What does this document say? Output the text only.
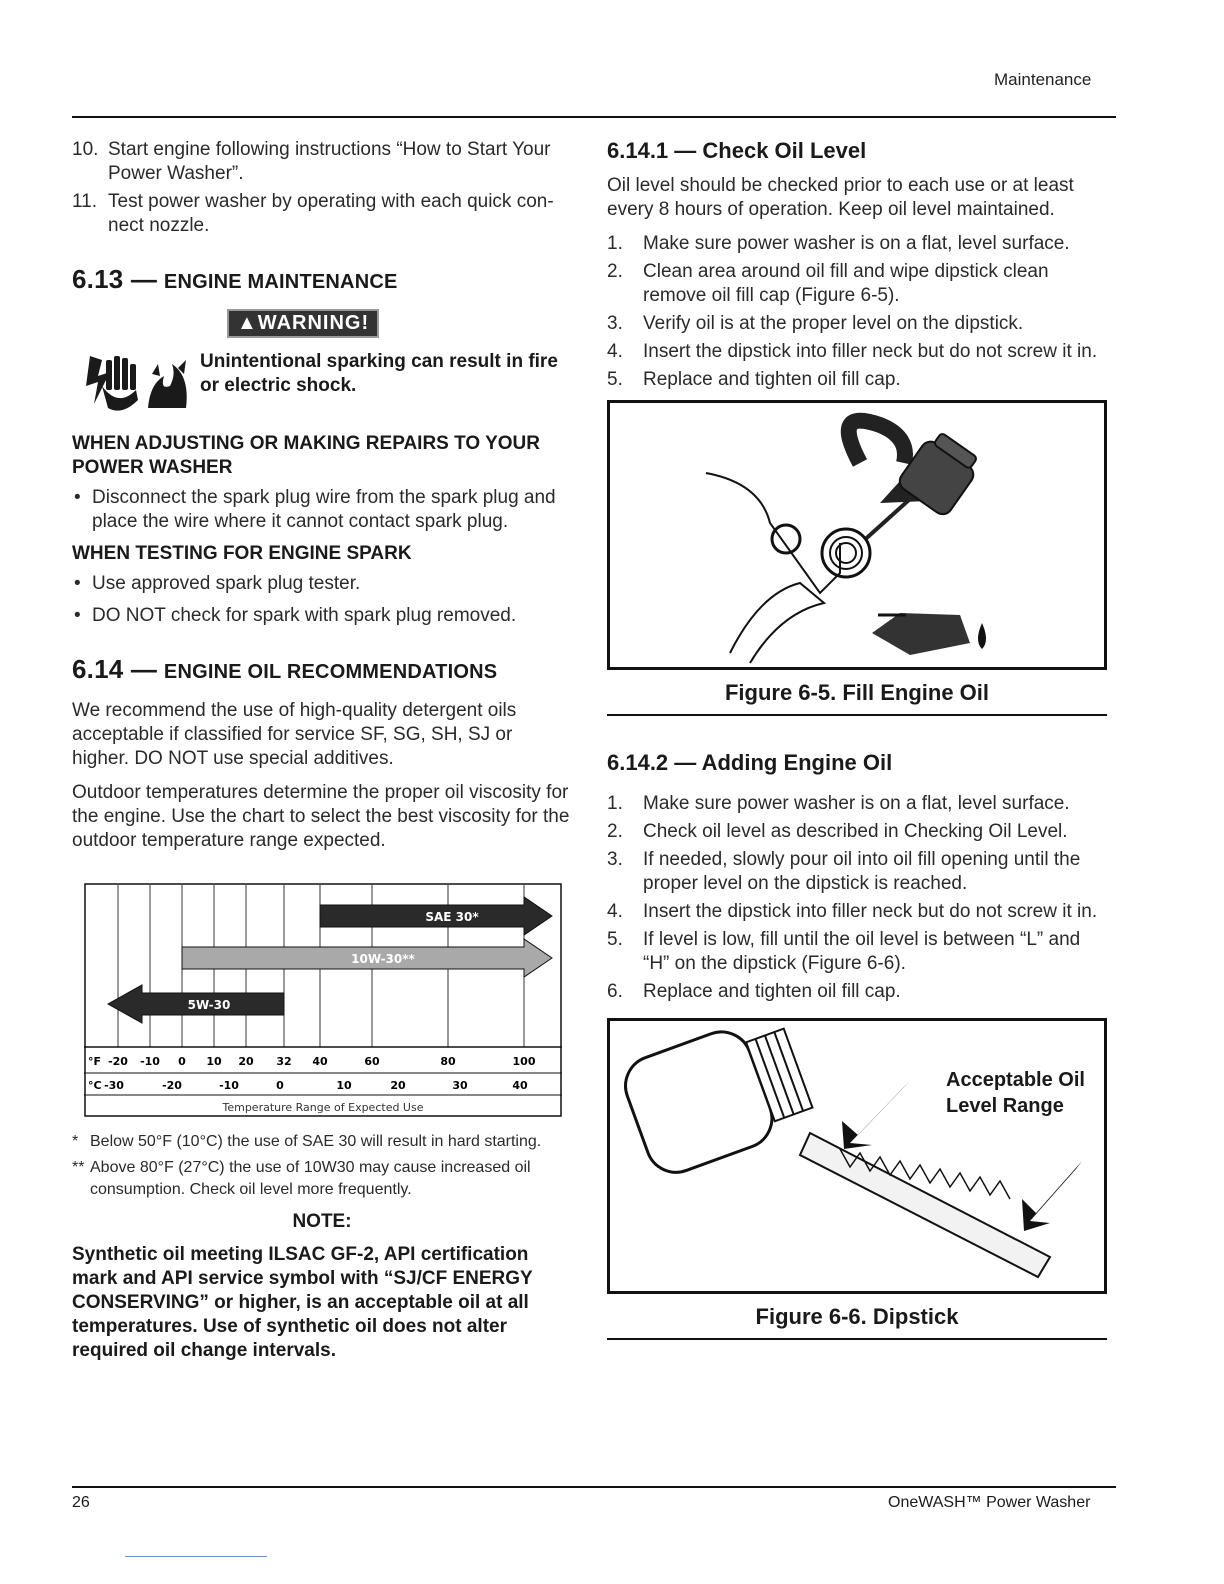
Maintenance
10. Start engine following instructions “How to Start Your Power Washer”.
11. Test power washer by operating with each quick connect nozzle.
6.13 — ENGINE MAINTENANCE
▲WARNING!
Unintentional sparking can result in fire or electric shock.
WHEN ADJUSTING OR MAKING REPAIRS TO YOUR POWER WASHER
• Disconnect the spark plug wire from the spark plug and place the wire where it cannot contact spark plug.
WHEN TESTING FOR ENGINE SPARK
• Use approved spark plug tester.
• DO NOT check for spark with spark plug removed.
6.14 — ENGINE OIL RECOMMENDATIONS

We recommend the use of high-quality detergent oils acceptable if classified for service SF, SG, SH, SJ or higher. DO NOT use special additives.

Outdoor temperatures determine the proper oil viscosity for the engine. Use the chart to select the best viscosity for the outdoor temperature range expected.

SAE 30*
10W-30**
5W-30
°F -20 -10 0 10 20 32 40	60	80	100
°C -30	-20	-10	0	10	20	30	40
Temperature Range of Expected Use
* Below 50°F (10°C) the use of SAE 30 will result in hard starting.
** Above 80°F (27°C) the use of 10W30 may cause increased oil consumption. Check oil level more frequently.
NOTE:

Synthetic oil meeting ILSAC GF-2, API certification mark and API service symbol with “SJ/CF ENERGY CONSERVING” or higher, is an acceptable oil at all temperatures. Use of synthetic oil does not alter required oil change intervals.

6.14.1 — Check Oil Level

Oil level should be checked prior to each use or at least every 8 hours of operation. Keep oil level maintained.

1. Make sure power washer is on a flat, level surface.
2. Clean area around oil fill and wipe dipstick clean remove oil fill cap (Figure 6-5).
3. Verify oil is at the proper level on the dipstick.
4. Insert the dipstick into filler neck but do not screw it in.
5. Replace and tighten oil fill cap.
Figure 6-5. Fill Engine Oil
6.14.2 — Adding Engine Oil
1. Make sure power washer is on a flat, level surface.
2. Check oil level as described in Checking Oil Level.
3. If needed, slowly pour oil into oil fill opening until the proper level on the dipstick is reached.
4. Insert the dipstick into filler neck but do not screw it in.
5. If level is low, fill until the oil level is between “L” and “H” on the dipstick (Figure 6-6).
6. Replace and tighten oil fill cap.
Acceptable Oil
Level Range
Figure 6-6. Dipstick
26	OneWASH™ Power Washer
